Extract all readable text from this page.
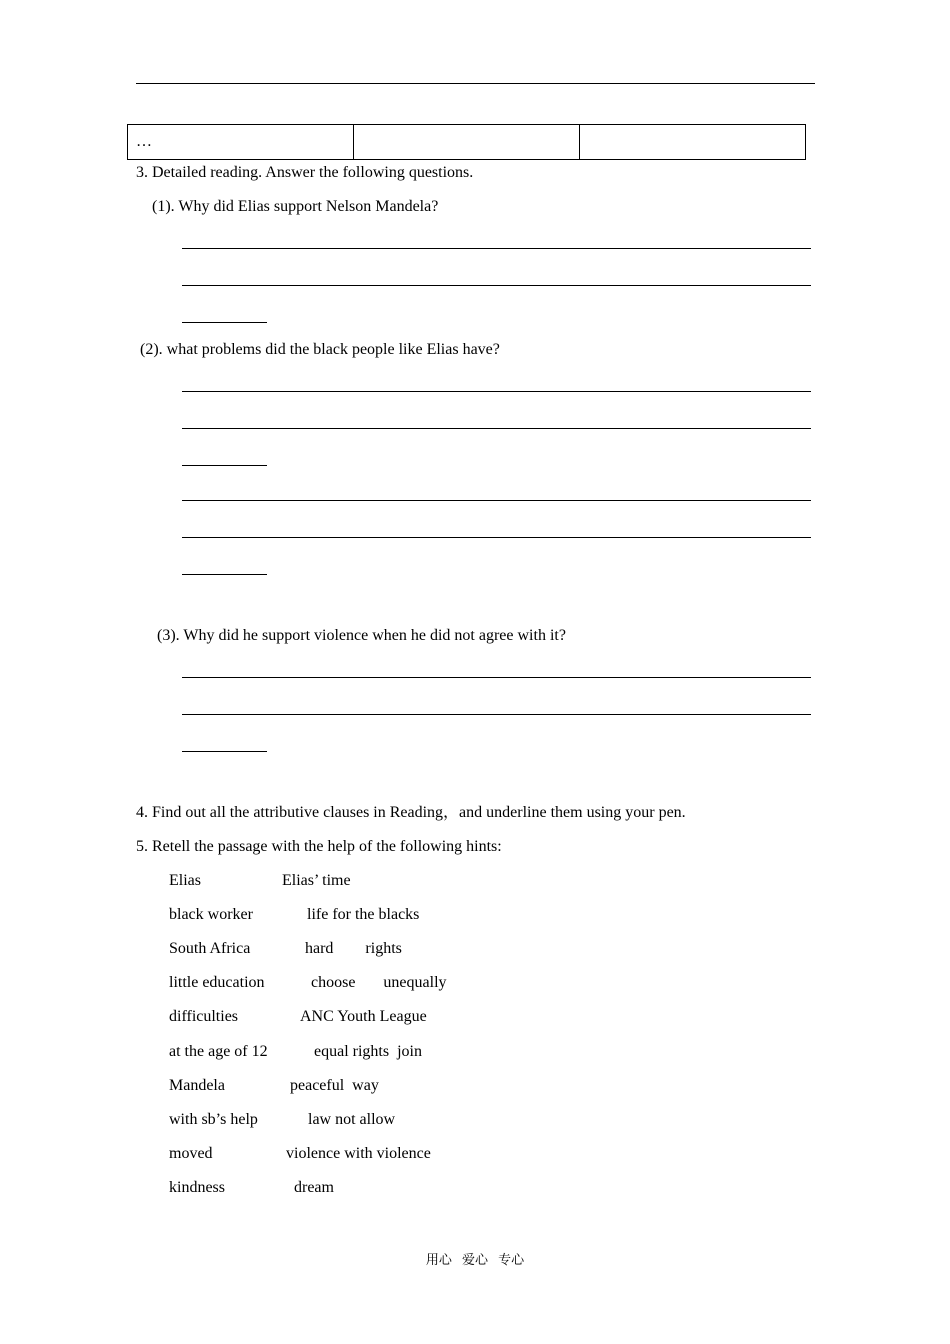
…		
3. Detailed reading. Answer the following questions.
(1). Why did Elias support Nelson Mandela?
(2). what problems did the black people like Elias have?
(3). Why did he support violence when he did not agree with it?
4. Find out all the attributive clauses in Reading，and underline them using your pen.
5. Retell the passage with the help of the following hints:
Elias	Elias’ time
black worker	life for the blacks
South Africa	hard        rights
little education	choose       unequally
difficulties	ANC Youth League
at the age of 12	equal rights  join
Mandela	peaceful  way
with sb’s help	law not allow
moved	violence with violence
kindness	dream
用心 爱心 专心
